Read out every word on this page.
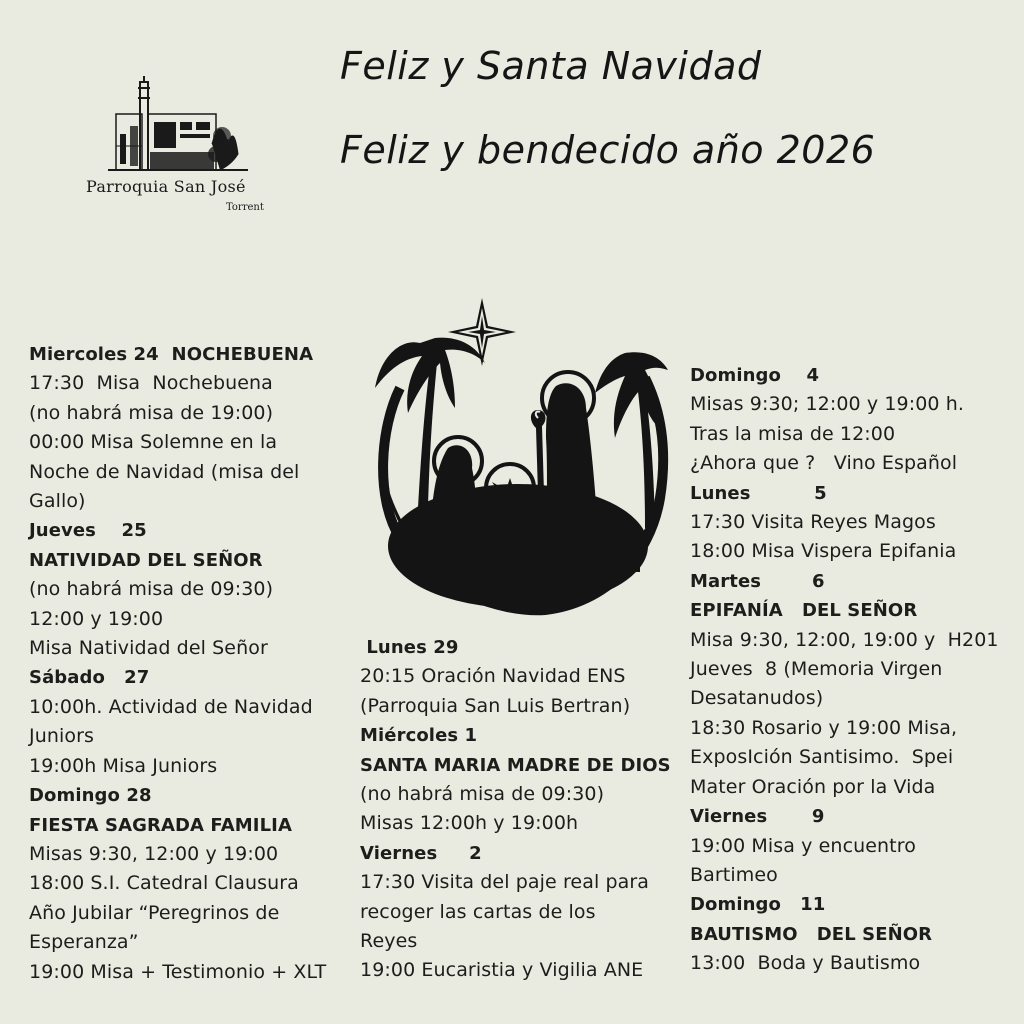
Parroquia San José
Torrent
Feliz y Santa Navidad
Feliz y bendecido año 2026
Miercoles 24  NOCHEBUENA
17:30  Misa  Nochebuena
(no habrá misa de 19:00)
00:00 Misa Solemne en la
Noche de Navidad (misa del
Gallo)
Jueves    25
NATIVIDAD DEL SEÑOR
(no habrá misa de 09:30)
12:00 y 19:00
Misa Natividad del Señor
Sábado   27
10:00h. Actividad de Navidad
Juniors
19:00h Misa Juniors
Domingo 28
FIESTA SAGRADA FAMILIA
Misas 9:30, 12:00 y 19:00
18:00 S.I. Catedral Clausura
Año Jubilar “Peregrinos de
Esperanza”
19:00 Misa + Testimonio + XLT
Lunes 29
20:15 Oración Navidad ENS
(Parroquia San Luis Bertran)
Miércoles 1
SANTA MARIA MADRE DE DIOS
(no habrá misa de 09:30)
Misas 12:00h y 19:00h
Viernes     2
17:30 Visita del paje real para
recoger las cartas de los
Reyes
19:00 Eucaristia y Vigilia ANE
Domingo    4
Misas 9:30; 12:00 y 19:00 h.
Tras la misa de 12:00
¿Ahora que ?   Vino Español
Lunes          5
17:30 Visita Reyes Magos
18:00 Misa Vispera Epifania
Martes        6
EPIFANÍA   DEL SEÑOR
Misa 9:30, 12:00, 19:00 y  H201
Jueves  8 (Memoria Virgen
Desatanudos)
18:30 Rosario y 19:00 Misa,
ExposIción Santisimo.  Spei
Mater Oración por la Vida
Viernes       9
19:00 Misa y encuentro
Bartimeo
Domingo   11
BAUTISMO   DEL SEÑOR
13:00  Boda y Bautismo
